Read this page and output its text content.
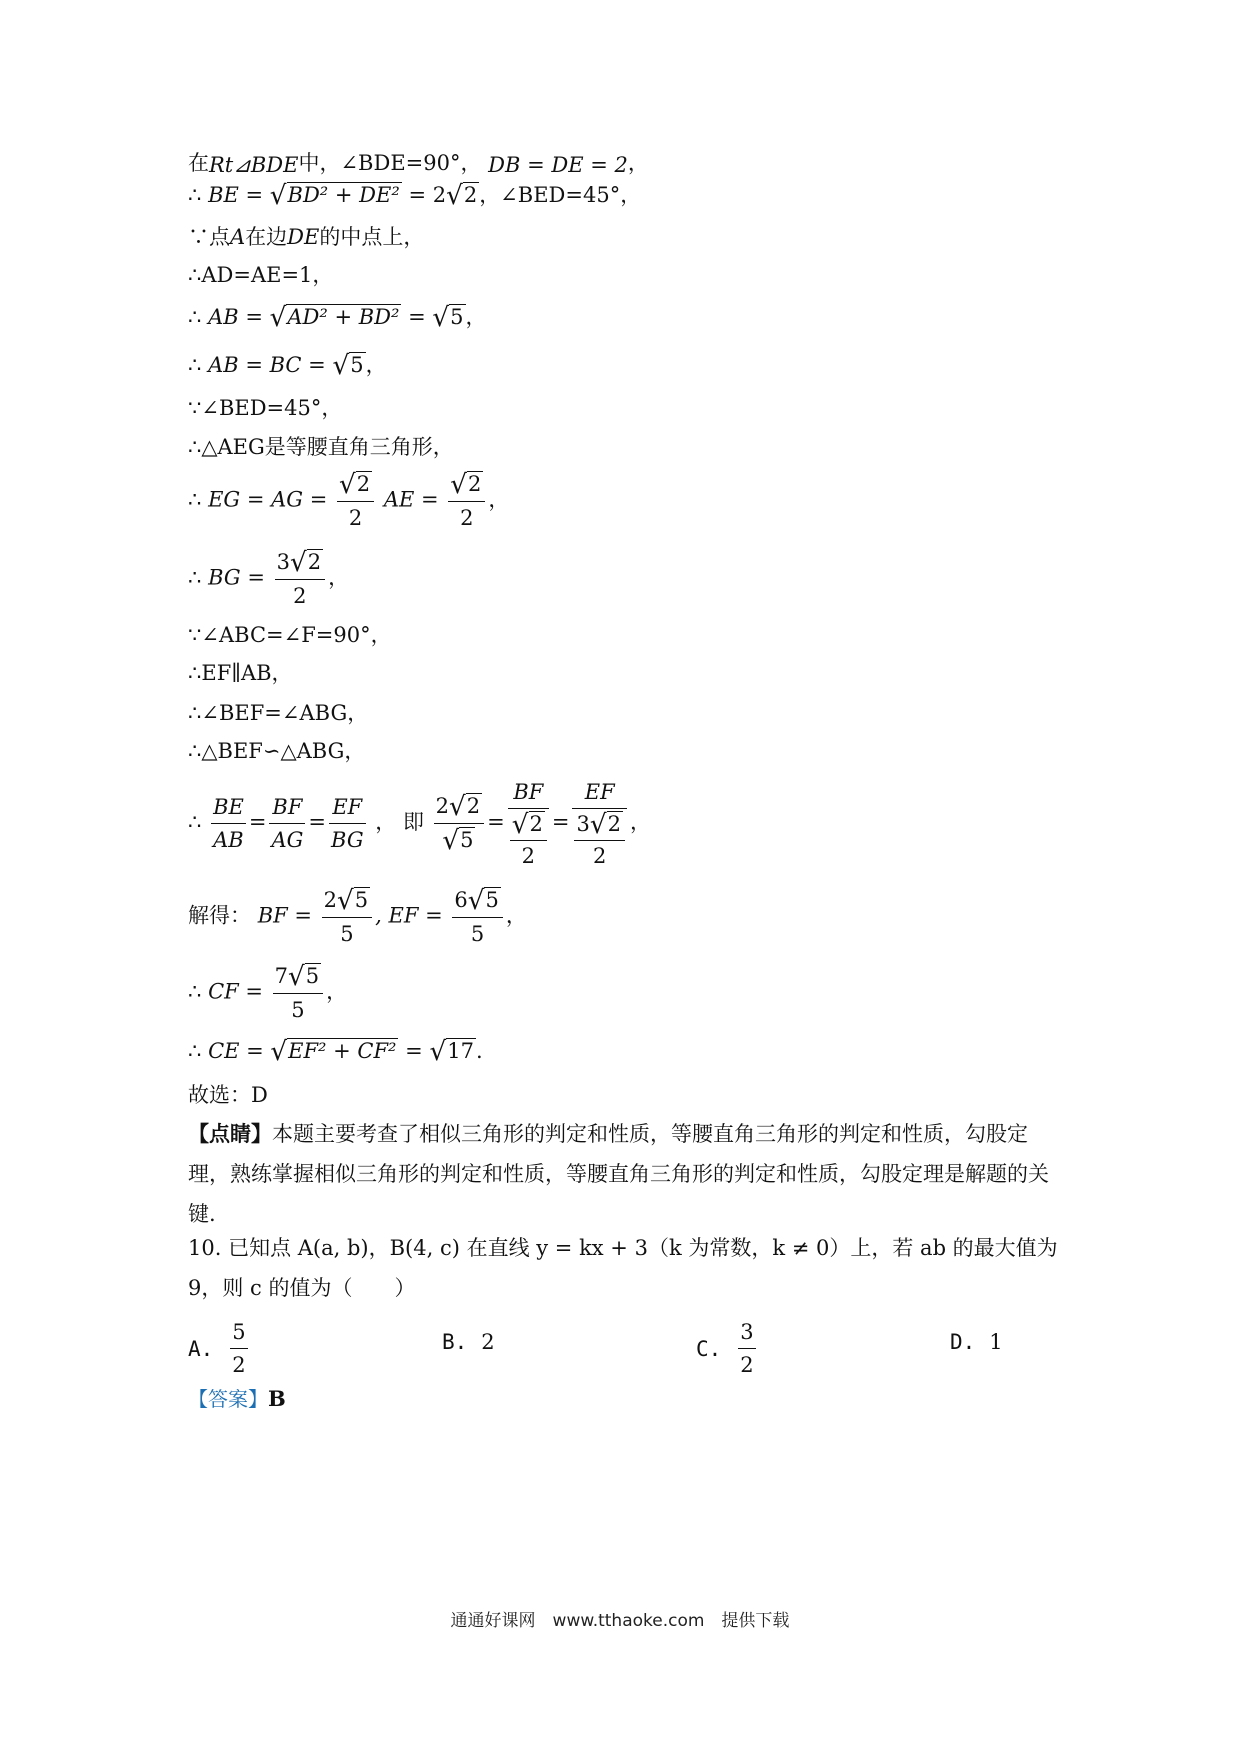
在Rt⊿BDE中，∠BDE=90°， DB = DE = 2，
∴ BE = √BD² + DE² = 2√2，∠BED=45°，
∵点A在边DE的中点上，
∴AD=AE=1，
∴ AB = √AD² + BD² = √5，
∴ AB = BC = √5，
∵∠BED=45°，
∴△AEG是等腰直角三角形，
∴ EG = AG = $\frac{√2}{2}$ AE = $\frac{√2}{2}$ ，
∴ BG = $\frac{3√2}{2}$ ，
∵∠ABC=∠F=90°，
∴EF∥AB，
∴∠BEF=∠ABG，
∴△BEF∽△ABG，
∴ $\frac{BE}{AB} = \frac{BF}{AG} = \frac{EF}{BG}$ ， 即 $\frac{2√2}{√5} = \frac{BF}{\frac{√2}{2}} = \frac{EF}{\frac{3√2}{2}}$ ，
解得： BF = $\frac{2√5}{5}$ , EF = $\frac{6√5}{5}$ ，
∴ CF = $\frac{7√5}{5}$ ，
∴ CE = √EF² + CF² = √17.
故选：D
【点睛】本题主要考查了相似三角形的判定和性质，等腰直角三角形的判定和性质，勾股定理，熟练掌握相似三角形的判定和性质，等腰直角三角形的判定和性质，勾股定理是解题的关键.
10. 已知点 A(a, b)，B(4, c) 在直线 y = kx + 3（k 为常数，k ≠ 0）上，若 ab 的最大值为 9，则 c 的值为（　　）
A. $\frac{5}{2}$	B. 2	C. $\frac{3}{2}$	D. 1
【答案】B
通通好课网　www.tthaoke.com　提供下载
